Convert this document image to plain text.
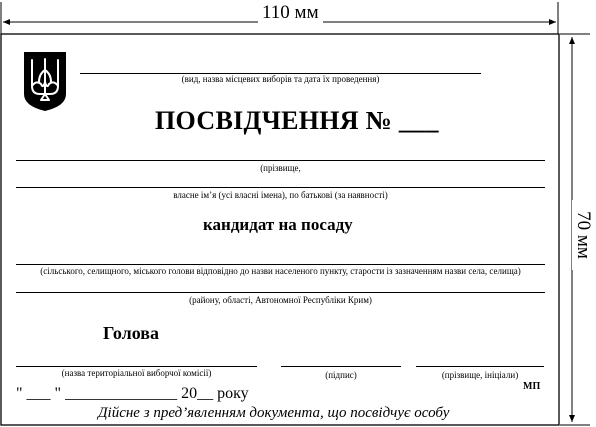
110 мм
70 мм
(вид, назва місцевих виборів та дата їх проведення)
ПОСВІДЧЕННЯ № ___
(прізвище,
власне ім’я (усі власні імена), по батькові (за наявності)
кандидат на посаду
(сільського, селищного, міського голови відповідно до назви населеного пункту, старости із зазначенням назви села, селища)
(району, області, Автономної Республіки Крим)
Голова
(назва територіальної виборчої комісії)	(підпис)	(прізвище, ініціали)
" ___ " ______________ 20__ року	МП
Дійсне з пред’явленням документа, що посвідчує особу
